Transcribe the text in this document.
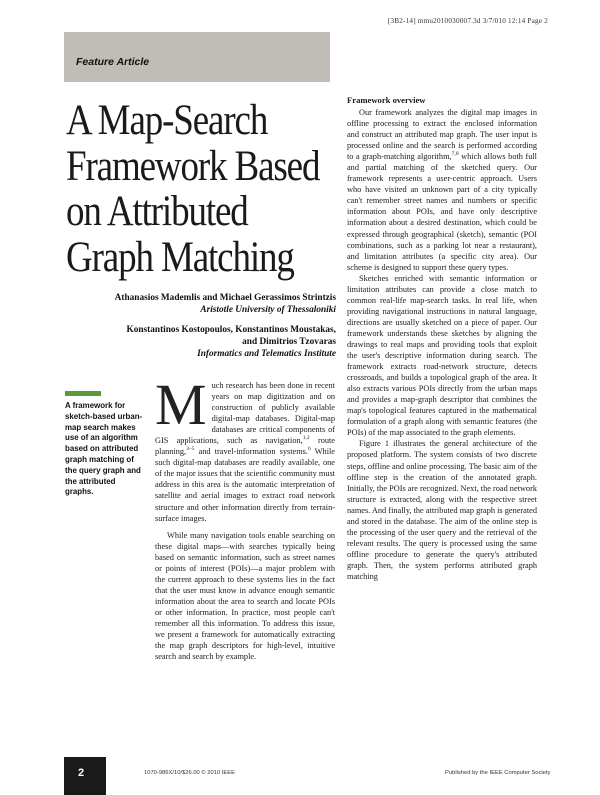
[3B2-14] mmu2010030007.3d 3/7/010 12:14 Page 2
Feature Article
A Map-Search
Framework Based
on Attributed
Graph Matching
Athanasios Mademlis and Michael Gerassimos Strintzis
Aristotle University of Thessaloniki
Konstantinos Kostopoulos, Konstantinos Moustakas,
and Dimitrios Tzovaras
Informatics and Telematics Institute
A framework for sketch-based urban-map search makes use of an algorithm based on attributed graph matching of the query graph and the attributed graphs.

Much research has been done in recent years on map digitization and on construction of publicly available digital-map databases. Digital-map databases are critical components of GIS applications, such as navigation,$^{1,2}$ route planning,$^{3-5}$ and travel-information systems.$^6$ While such digital-map databases are readily available, one of the major issues that the scientific community must address in this area is the automatic interpretation of satellite and aerial images to extract road network structure and other information directly from terrain-surface images.

While many navigation tools enable searching on these digital maps—with searches typically being based on semantic information, such as street names or points of interest (POIs)—a major problem with the current approach to these systems lies in the fact that the user must know in advance enough semantic information about the area to search and locate POIs or other information. In practice, most people can't remember all this information. To address this issue, we present a framework for automatically extracting the map graph descriptors for high-level, intuitive search and search by example.

Framework overview

Our framework analyzes the digital map images in offline processing to extract the enclosed information and construct an attributed map graph. The user input is processed online and the search is performed according to a graph-matching algorithm,$^{7,8}$ which allows both full and partial matching of the sketched query. Our framework represents a user-centric approach. Users who have visited an unknown part of a city typically can't remember street names and numbers or specific information about POIs, and have only descriptive information about a desired destination, which could be expressed through geographical (sketch), semantic (POI combinations, such as a parking lot near a restaurant), and limitation attributes (a specific city area). Our scheme is designed to support these query types.

Sketches enriched with semantic information or limitation attributes can provide a close match to common real-life map-search tasks. In real life, when providing navigational instructions in natural language, directions are usually sketched on a piece of paper. Our framework understands these sketches by aligning the drawings to real maps and providing tools that exploit the user's descriptive information during search. The framework extracts road-network structure, detects crossroads, and builds a topological graph of the area. It also extracts various POIs directly from the urban maps and provides a map-graph descriptor that combines the map's topological features captured in the mathematical formulation of a graph along with semantic features (the POIs) of the map associated to the graph elements.

Figure 1 illustrates the general architecture of the proposed platform. The system consists of two discrete steps, offline and online processing. The basic aim of the offline step is the creation of the annotated graph. Initially, the POIs are recognized. Next, the road network structure is extracted, along with the respective street names. And finally, the attributed map graph is generated and stored in the database. The aim of the online step is the processing of the user query and the retrieval of the relevant results. The query is processed using the same offline procedure to generate the query's attributed graph. Then, the system performs attributed graph matching

2	1070-986X/10/$26.00 © 2010 IEEE	Published by the IEEE Computer Society
